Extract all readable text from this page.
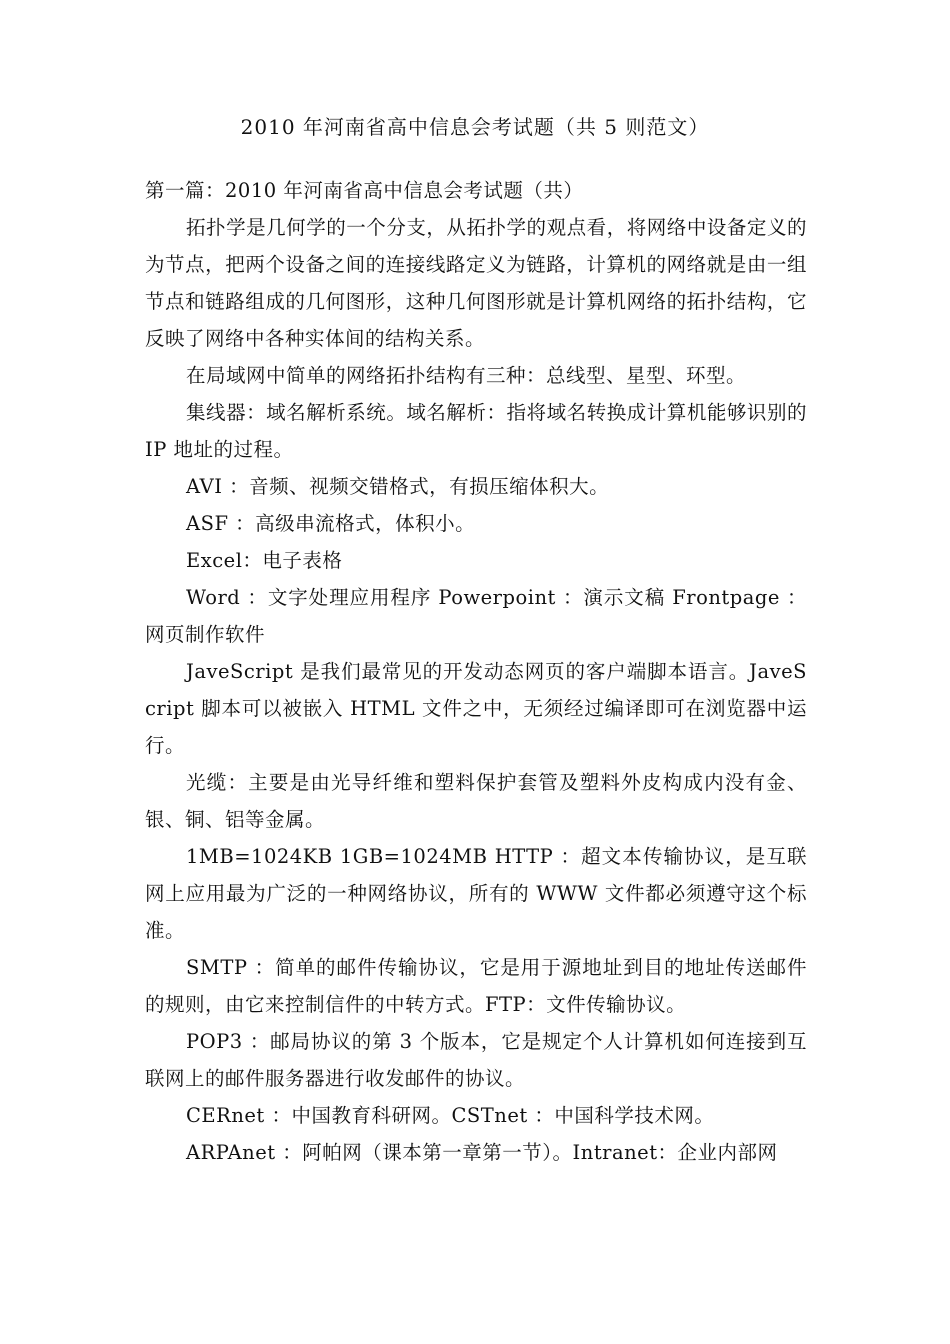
2010 年河南省高中信息会考试题（共 5 则范文）

第一篇：2010 年河南省高中信息会考试题（共）

拓扑学是几何学的一个分支，从拓扑学的观点看，将网络中设备定义的为节点，把两个设备之间的连接线路定义为链路，计算机的网络就是由一组节点和链路组成的几何图形，这种几何图形就是计算机网络的拓扑结构，它反映了网络中各种实体间的结构关系。

在局域网中简单的网络拓扑结构有三种：总线型、星型、环型。

集线器：域名解析系统。域名解析：指将域名转换成计算机能够识别的 IP 地址的过程。

AVI ：音频、视频交错格式，有损压缩体积大。

ASF ：高级串流格式，体积小。

Excel：电子表格

Word ：文字处理应用程序 Powerpoint ：演示文稿 Frontpage ：网页制作软件

JaveScript 是我们最常见的开发动态网页的客户端脚本语言。JaveScript 脚本可以被嵌入 HTML 文件之中，无须经过编译即可在浏览器中运行。

光缆：主要是由光导纤维和塑料保护套管及塑料外皮构成内没有金、银、铜、铝等金属。

1MB=1024KB 1GB=1024MB HTTP ：超文本传输协议，是互联网上应用最为广泛的一种网络协议，所有的 WWW 文件都必须遵守这个标准。

SMTP ：简单的邮件传输协议，它是用于源地址到目的地址传送邮件的规则，由它来控制信件的中转方式。FTP：文件传输协议。

POP3 ：邮局协议的第 3 个版本，它是规定个人计算机如何连接到互联网上的邮件服务器进行收发邮件的协议。

CERnet ：中国教育科研网。CSTnet ：中国科学技术网。

ARPAnet ：阿帕网（课本第一章第一节）。Intranet：企业内部网
